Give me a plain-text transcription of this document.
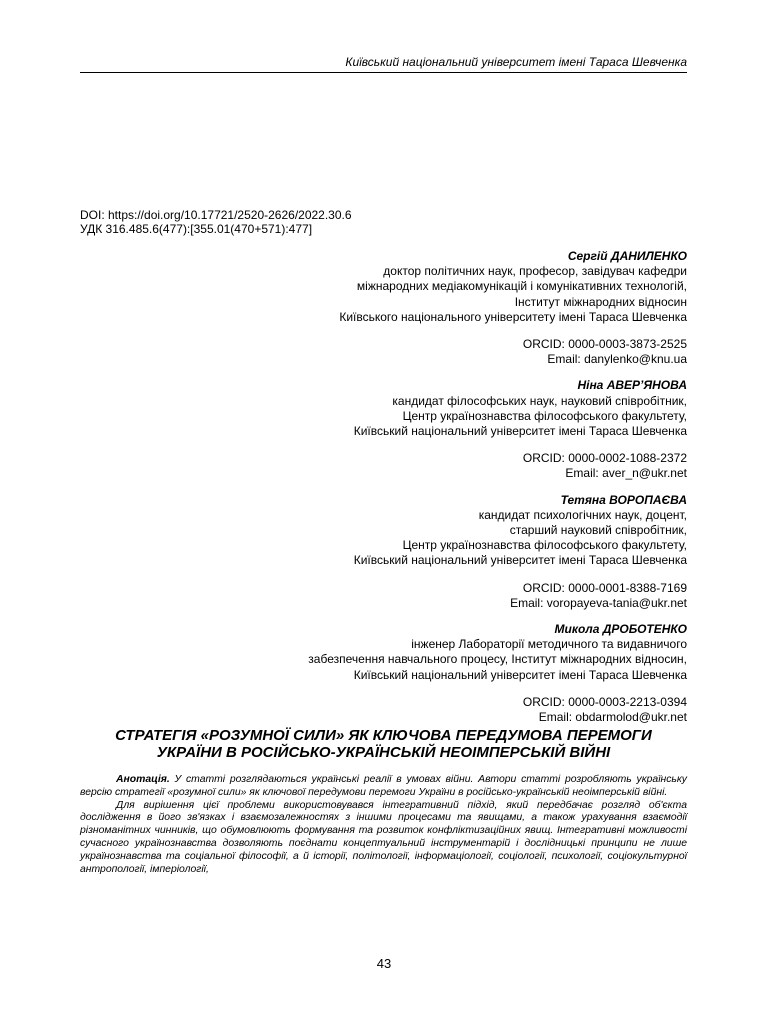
Київський національний університет імені Тараса Шевченка
DOI: https://doi.org/10.17721/2520-2626/2022.30.6
УДК 316.485.6(477):[355.01(470+571):477]
Сергій ДАНИЛЕНКО
доктор політичних наук, професор, завідувач кафедри
міжнародних медіакомунікацій і комунікативних технологій,
Інститут міжнародних відносин
Київського національного університету імені Тараса Шевченка
ORCID: 0000-0003-3873-2525
Email: danylenko@knu.ua
Ніна АВЕР’ЯНОВА
кандидат філософських наук, науковий співробітник,
Центр українознавства філософського факультету,
Київський національний університет імені Тараса Шевченка
ORCID: 0000-0002-1088-2372
Email: aver_n@ukr.net
Тетяна ВОРОПАЄВА
кандидат психологічних наук, доцент,
старший науковий співробітник,
Центр українознавства філософського факультету,
Київський національний університет імені Тараса Шевченка
ORCID: 0000-0001-8388-7169
Email: voropayeva-tania@ukr.net
Микола ДРОБОТЕНКО
інженер Лабораторії методичного та видавничого
забезпечення навчального процесу, Інститут міжнародних відносин,
Київський національний університет імені Тараса Шевченка
ORCID: 0000-0003-2213-0394
Email: obdarmolod@ukr.net
СТРАТЕГІЯ «РОЗУМНОЇ СИЛИ» ЯК КЛЮЧОВА ПЕРЕДУМОВА ПЕРЕМОГИ
УКРАЇНИ В РОСІЙСЬКО-УКРАЇНСЬКІЙ НЕОІМПЕРСЬКІЙ ВІЙНІ

Анотація. У статті розглядаються українські реалії в умовах війни. Автори статті розробляють українську версію стратегії «розумної сили» як ключової передумови перемоги України в російсько-українській неоімперській війні.

Для вирішення цієї проблеми використовувався інтегративний підхід, який передбачає розгляд об'єкта дослідження в його зв'язках і взаємозалежностях з іншими процесами та явищами, а також урахування взаємодії різноманітних чинників, що обумовлюють формування та розвиток конфліктизаційних явищ. Інтегративні можливості сучасного українознавства дозволяють поєднати концептуальний інструментарій і дослідницькі принципи не лише українознавства та соціальної філософії, а й історії, політології, інформаціології, соціології, психології, соціокультурної антропології, імперіології,

43
